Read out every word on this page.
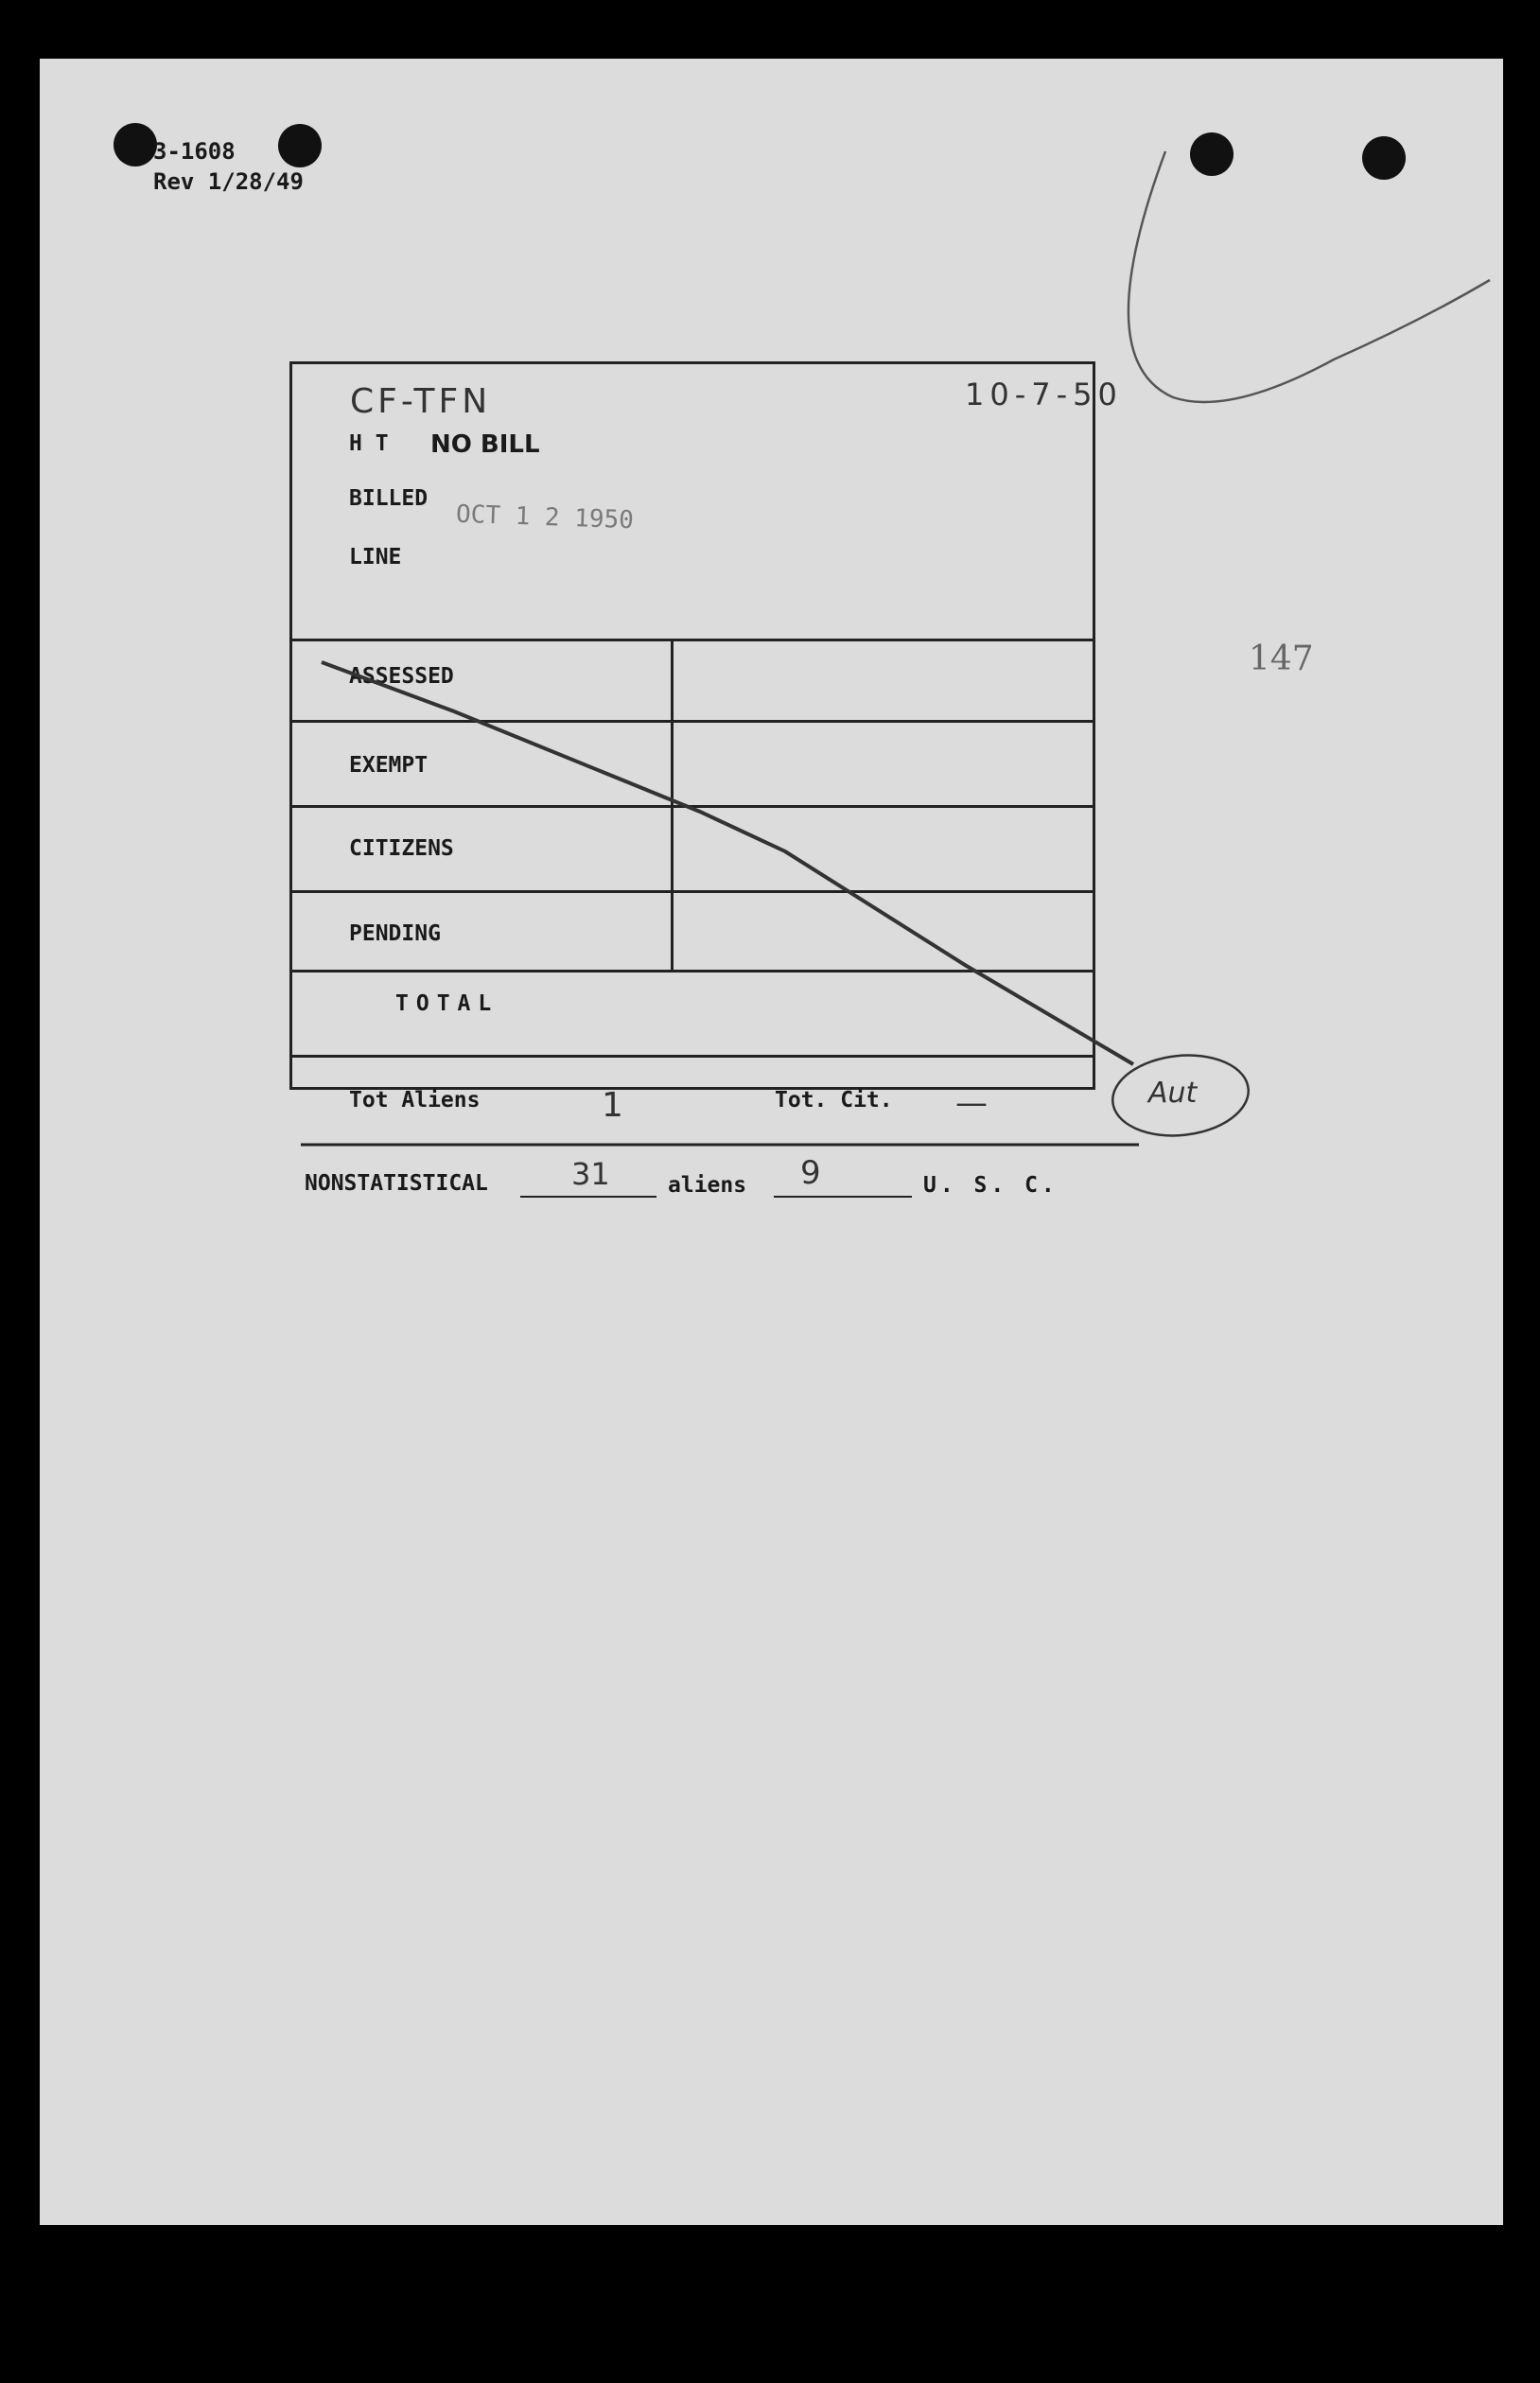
3-1608
Rev 1/28/49
CF-TFN	10-7-50
H T NO BILL
BILLED
OCT 1 2 1950
LINE
ASSESSED
EXEMPT
CITIZENS
PENDING
TOTAL
Tot Aliens	1	Tot. Cit. —
NONSTATISTICAL	31	aliens 9	U. S. C.
147
Aut
